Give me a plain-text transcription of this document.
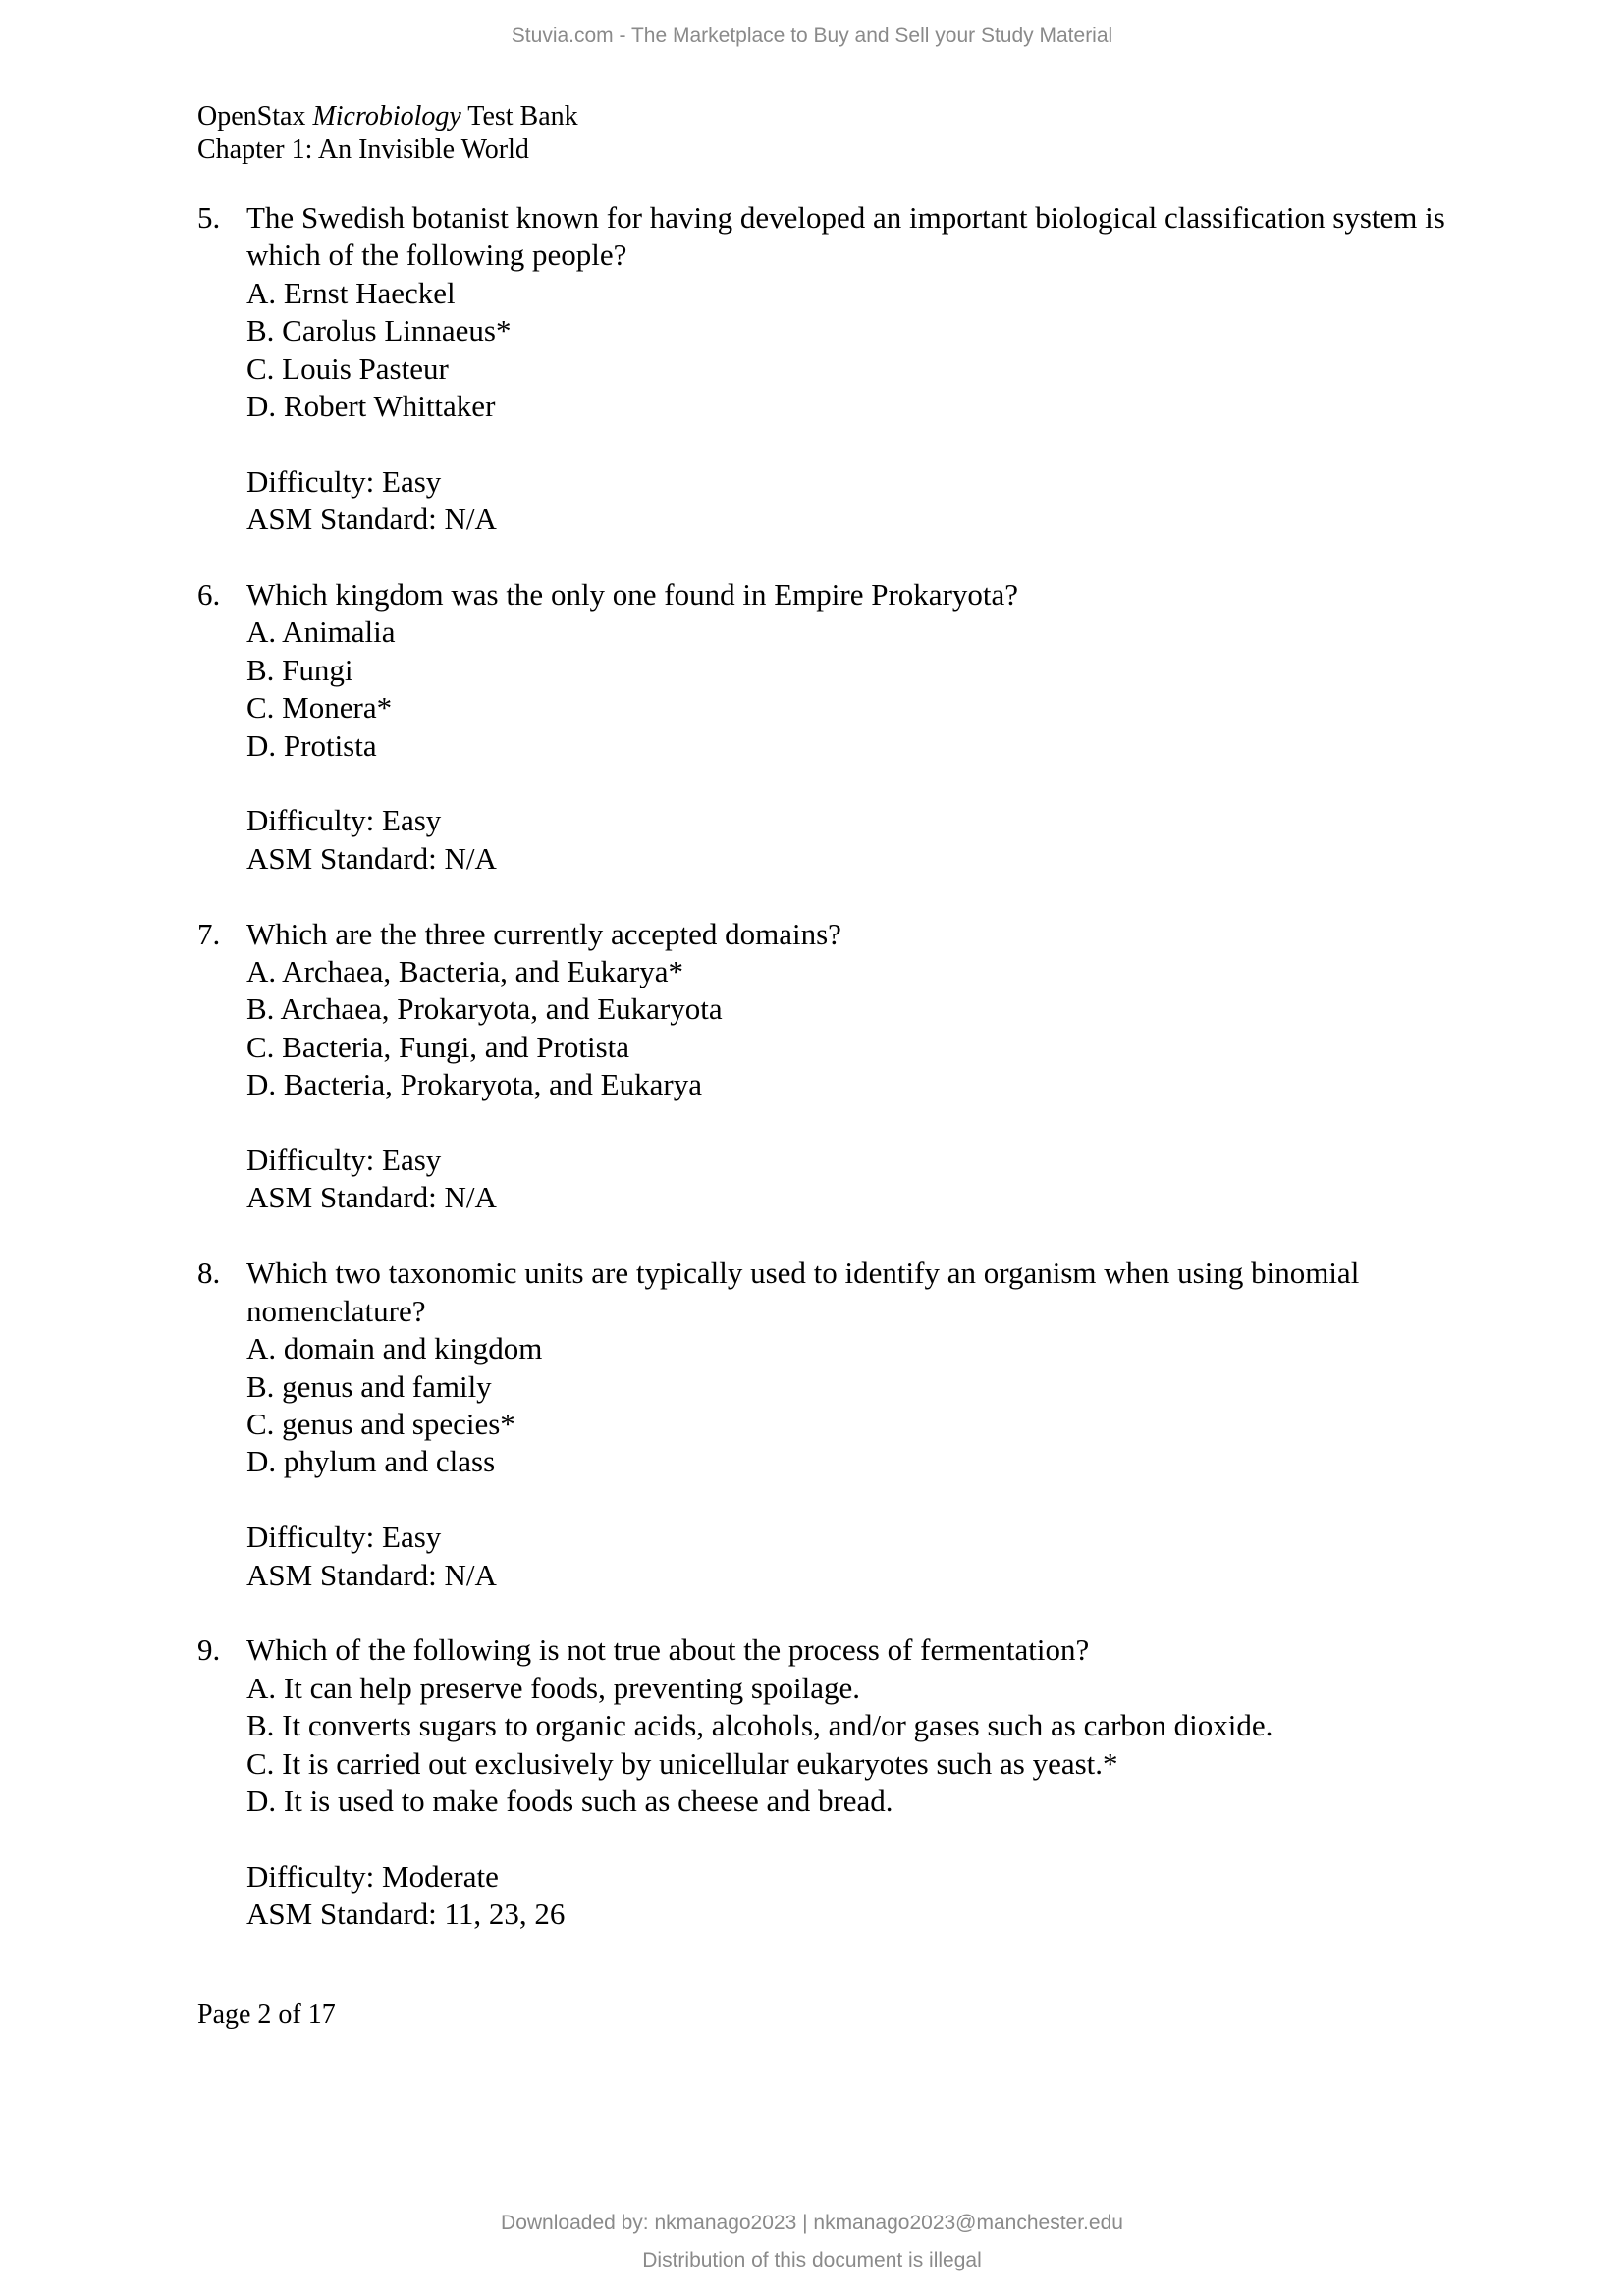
Stuvia.com - The Marketplace to Buy and Sell your Study Material
OpenStax Microbiology Test Bank
Chapter 1: An Invisible World
5. The Swedish botanist known for having developed an important biological classification system is which of the following people?
A. Ernst Haeckel
B. Carolus Linnaeus*
C. Louis Pasteur
D. Robert Whittaker
Difficulty: Easy
ASM Standard: N/A
6. Which kingdom was the only one found in Empire Prokaryota?
A. Animalia
B. Fungi
C. Monera*
D. Protista
Difficulty: Easy
ASM Standard: N/A
7. Which are the three currently accepted domains?
A. Archaea, Bacteria, and Eukarya*
B. Archaea, Prokaryota, and Eukaryota
C. Bacteria, Fungi, and Protista
D. Bacteria, Prokaryota, and Eukarya
Difficulty: Easy
ASM Standard: N/A
8. Which two taxonomic units are typically used to identify an organism when using binomial nomenclature?
A. domain and kingdom
B. genus and family
C. genus and species*
D. phylum and class
Difficulty: Easy
ASM Standard: N/A
9. Which of the following is not true about the process of fermentation?
A. It can help preserve foods, preventing spoilage.
B. It converts sugars to organic acids, alcohols, and/or gases such as carbon dioxide.
C. It is carried out exclusively by unicellular eukaryotes such as yeast.*
D. It is used to make foods such as cheese and bread.
Difficulty: Moderate
ASM Standard: 11, 23, 26
Page 2 of 17
Downloaded by: nkmanago2023 | nkmanago2023@manchester.edu
Distribution of this document is illegal
